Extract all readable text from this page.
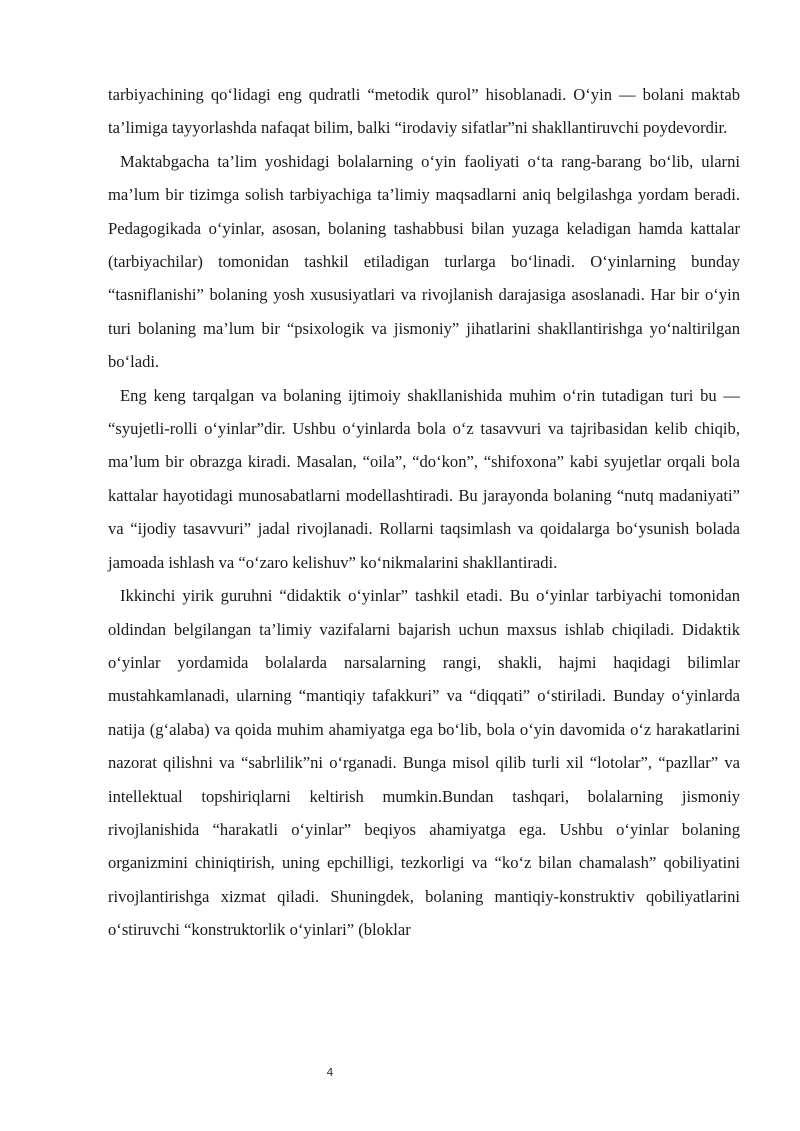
tarbiyachining qo‘lidagi eng qudratli “metodik qurol” hisoblanadi. O‘yin — bolani maktab ta’limiga tayyorlashda nafaqat bilim, balki “irodaviy sifatlar”ni shakllantiruvchi poydevordir.

Maktabgacha ta’lim yoshidagi bolalarning o‘yin faoliyati o‘ta rang-barang bo‘lib, ularni ma’lum bir tizimga solish tarbiyachiga ta’limiy maqsadlarni aniq belgilashga yordam beradi. Pedagogikada o‘yinlar, asosan, bolaning tashabbusi bilan yuzaga keladigan hamda kattalar (tarbiyachilar) tomonidan tashkil etiladigan turlarga bo‘linadi. O‘yinlarning bunday “tasniflanishi” bolaning yosh xususiyatlari va rivojlanish darajasiga asoslanadi. Har bir o‘yin turi bolaning ma’lum bir “psixologik va jismoniy” jihatlarini shakllantirishga yo‘naltirilgan bo‘ladi.

Eng keng tarqalgan va bolaning ijtimoiy shakllanishida muhim o‘rin tutadigan turi bu — “syujetli-rolli o‘yinlar”dir. Ushbu o‘yinlarda bola o‘z tasavvuri va tajribasidan kelib chiqib, ma’lum bir obrazga kiradi. Masalan, “oila”, “do‘kon”, “shifoxona” kabi syujetlar orqali bola kattalar hayotidagi munosabatlarni modellashtiradi. Bu jarayonda bolaning “nutq madaniyati” va “ijodiy tasavvuri” jadal rivojlanadi. Rollarni taqsimlash va qoidalarga bo‘ysunish bolada jamoada ishlash va “o‘zaro kelishuv” ko‘nikmalarini shakllantiradi.

Ikkinchi yirik guruhni “didaktik o‘yinlar” tashkil etadi. Bu o‘yinlar tarbiyachi tomonidan oldindan belgilangan ta’limiy vazifalarni bajarish uchun maxsus ishlab chiqiladi. Didaktik o‘yinlar yordamida bolalarda narsalarning rangi, shakli, hajmi haqidagi bilimlar mustahkamlanadi, ularning “mantiqiy tafakkuri” va “diqqati” o‘stiriladi. Bunday o‘yinlarda natija (g‘alaba) va qoida muhim ahamiyatga ega bo‘lib, bola o‘yin davomida o‘z harakatlarini nazorat qilishni va “sabrlilik”ni o‘rganadi. Bunga misol qilib turli xil “lotolar”, “pazllar” va intellektual topshiriqlarni keltirish mumkin.Bundan tashqari, bolalarning jismoniy rivojlanishida “harakatli o‘yinlar” beqiyos ahamiyatga ega. Ushbu o‘yinlar bolaning organizmini chiniqtirish, uning epchilligi, tezkorligi va “ko‘z bilan chamalash” qobiliyatini rivojlantirishga xizmat qiladi. Shuningdek, bolaning mantiqiy-konstruktiv qobiliyatlarini o‘stiruvchi “konstruktorlik o‘yinlari” (bloklar

4
